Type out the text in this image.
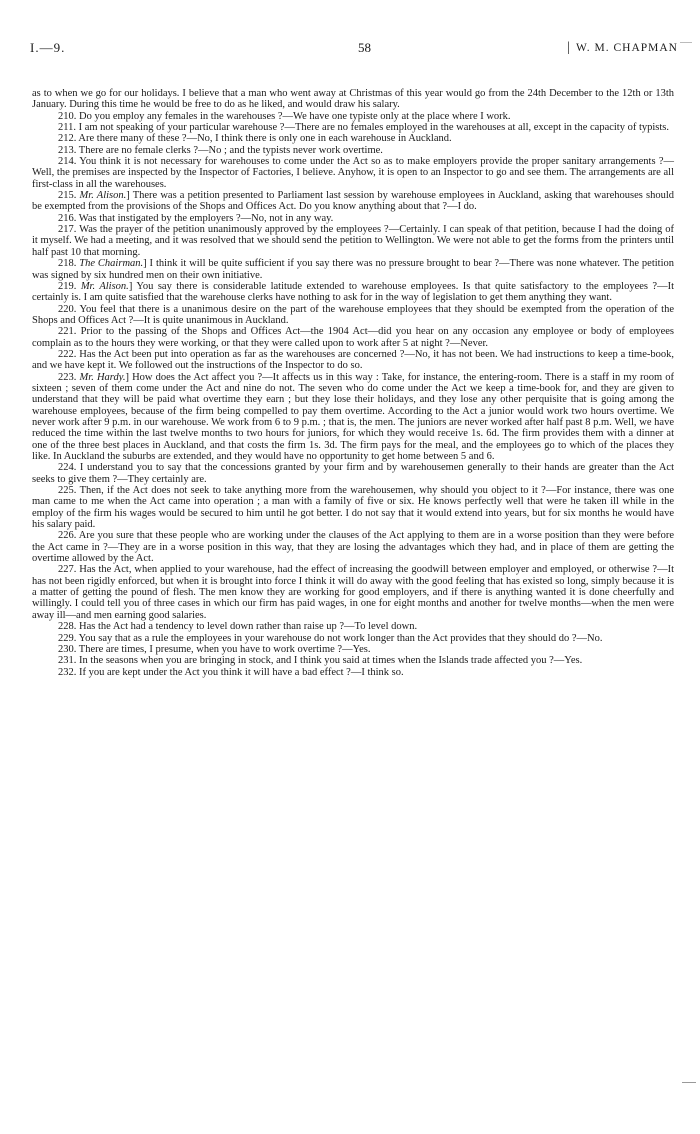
I.—9.	58
|	W. M. CHAPMAN

as to when we go for our holidays. I believe that a man who went away at Christmas of this year would go from the 24th December to the 12th or 13th January. During this time he would be free to do as he liked, and would draw his salary.

210. Do you employ any females in the warehouses ?—We have one typiste only at the place where I work.

211. I am not speaking of your particular warehouse ?—There are no females employed in the warehouses at all, except in the capacity of typists.

212. Are there many of these ?—No, I think there is only one in each warehouse in Auckland.

213. There are no female clerks ?—No ; and the typists never work overtime.

214. You think it is not necessary for warehouses to come under the Act so as to make employers provide the proper sanitary arrangements ?—Well, the premises are inspected by the Inspector of Factories, I believe. Anyhow, it is open to an Inspector to go and see them. The arrangements are all first-class in all the warehouses.

215. Mr. Alison.] There was a petition presented to Parliament last session by warehouse employees in Auckland, asking that warehouses should be exempted from the provisions of the Shops and Offices Act. Do you know anything about that ?—I do.

216. Was that instigated by the employers ?—No, not in any way.

217. Was the prayer of the petition unanimously approved by the employees ?—Certainly. I can speak of that petition, because I had the doing of it myself. We had a meeting, and it was resolved that we should send the petition to Wellington. We were not able to get the forms from the printers until half past 10 that morning.

218. The Chairman.] I think it will be quite sufficient if you say there was no pressure brought to bear ?—There was none whatever. The petition was signed by six hundred men on their own initiative.

219. Mr. Alison.] You say there is considerable latitude extended to warehouse employees. Is that quite satisfactory to the employees ?—It certainly is. I am quite satisfied that the warehouse clerks have nothing to ask for in the way of legislation to get them anything they want.

220. You feel that there is a unanimous desire on the part of the warehouse employees that they should be exempted from the operation of the Shops and Offices Act ?—It is quite unanimous in Auckland.

221. Prior to the passing of the Shops and Offices Act—the 1904 Act—did you hear on any occasion any employee or body of employees complain as to the hours they were working, or that they were called upon to work after 5 at night ?—Never.

222. Has the Act been put into operation as far as the warehouses are concerned ?—No, it has not been. We had instructions to keep a time-book, and we have kept it. We followed out the instructions of the Inspector to do so.

223. Mr. Hardy.] How does the Act affect you ?—It affects us in this way : Take, for instance, the entering-room. There is a staff in my room of sixteen ; seven of them come under the Act and nine do not. The seven who do come under the Act we keep a time-book for, and they are given to understand that they will be paid what overtime they earn ; but they lose their holidays, and they lose any other perquisite that is going among the warehouse employees, because of the firm being compelled to pay them overtime. According to the Act a junior would work two hours overtime. We never work after 9 p.m. in our warehouse. We work from 6 to 9 p.m. ; that is, the men. The juniors are never worked after half past 8 p.m. Well, we have reduced the time within the last twelve months to two hours for juniors, for which they would receive 1s. 6d. The firm provides them with a dinner at one of the three best places in Auckland, and that costs the firm 1s. 3d. The firm pays for the meal, and the employees go to which of the places they like. In Auckland the suburbs are extended, and they would have no opportunity to get home between 5 and 6.

224. I understand you to say that the concessions granted by your firm and by warehousemen generally to their hands are greater than the Act seeks to give them ?—They certainly are.

225. Then, if the Act does not seek to take anything more from the warehousemen, why should you object to it ?—For instance, there was one man came to me when the Act came into operation ; a man with a family of five or six. He knows perfectly well that were he taken ill while in the employ of the firm his wages would be secured to him until he got better. I do not say that it would extend into years, but for six months he would have his salary paid.

226. Are you sure that these people who are working under the clauses of the Act applying to them are in a worse position than they were before the Act came in ?—They are in a worse position in this way, that they are losing the advantages which they had, and in place of them are getting the overtime allowed by the Act.

227. Has the Act, when applied to your warehouse, had the effect of increasing the goodwill between employer and employed, or otherwise ?—It has not been rigidly enforced, but when it is brought into force I think it will do away with the good feeling that has existed so long, simply because it is a matter of getting the pound of flesh. The men know they are working for good employers, and if there is anything wanted it is done cheerfully and willingly. I could tell you of three cases in which our firm has paid wages, in one for eight months and another for twelve months—when the men were away ill—and men earning good salaries.

228. Has the Act had a tendency to level down rather than raise up ?—To level down.

229. You say that as a rule the employees in your warehouse do not work longer than the Act provides that they should do ?—No.

230. There are times, I presume, when you have to work overtime ?—Yes.

231. In the seasons when you are bringing in stock, and I think you said at times when the Islands trade affected you ?—Yes.

232. If you are kept under the Act you think it will have a bad effect ?—I think so.
